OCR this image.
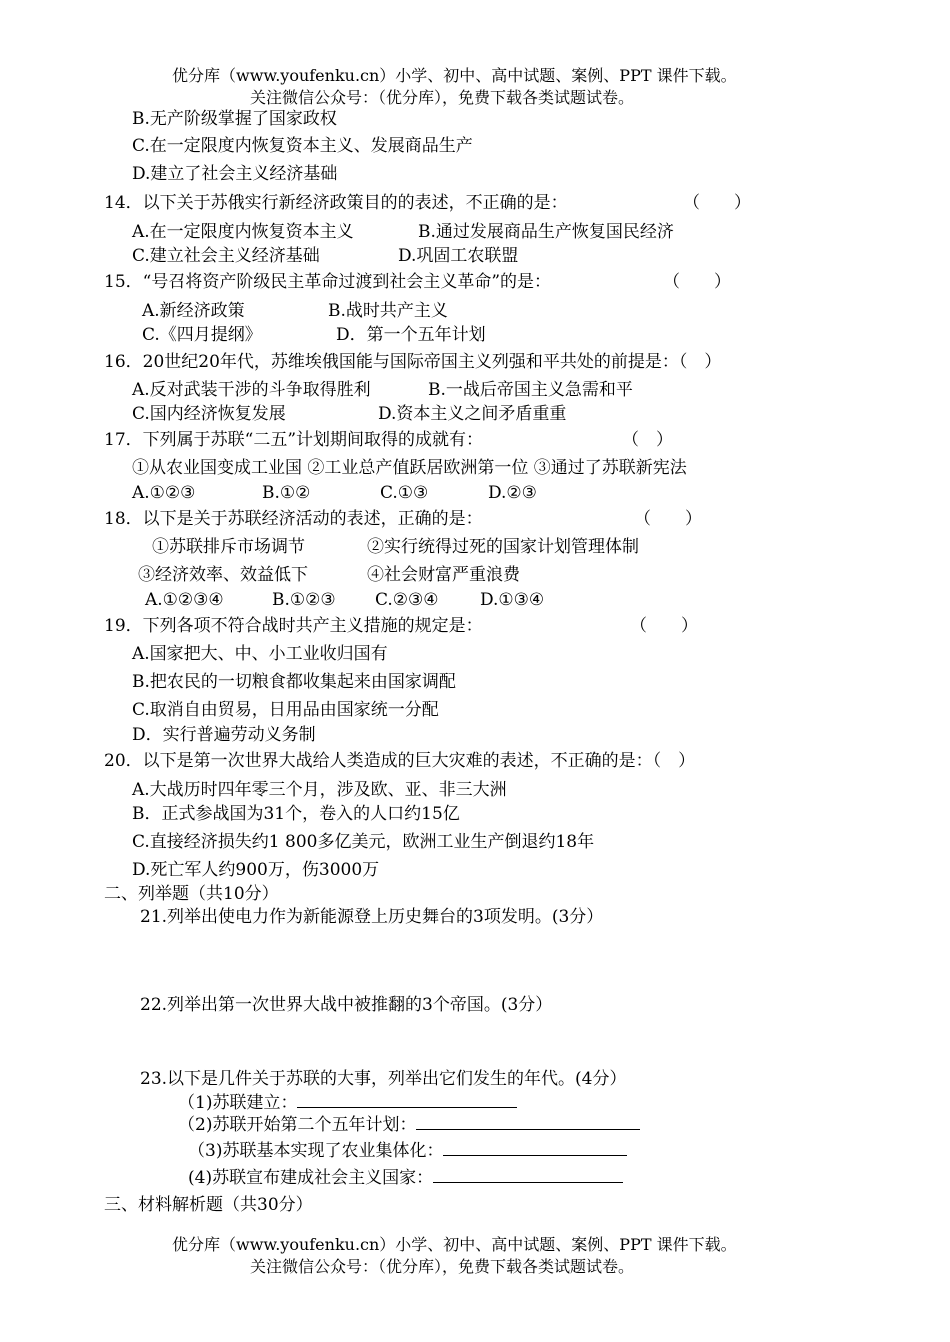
优分库（www.youfenku.cn）小学、初中、高中试题、案例、PPT 课件下载。
关注微信公众号：（优分库），免费下载各类试题试卷。
B.无产阶级掌握了国家政权
C.在一定限度内恢复资本主义、发展商品生产
D.建立了社会主义经济基础
14．以下关于苏俄实行新经济政策目的的表述，不正确的是：	（　　）
A.在一定限度内恢复资本主义	B.通过发展商品生产恢复国民经济
C.建立社会主义经济基础	D.巩固工农联盟
15．“号召将资产阶级民主革命过渡到社会主义革命”的是：	（　　）
A.新经济政策	B.战时共产主义
C.《四月提纲》	D．第一个五年计划
16．20世纪20年代，苏维埃俄国能与国际帝国主义列强和平共处的前提是：（　）
A.反对武装干涉的斗争取得胜利	B.一战后帝国主义急需和平
C.国内经济恢复发展	D.资本主义之间矛盾重重
17．下列属于苏联“二五”计划期间取得的成就有：	（　）
①从农业国变成工业国 ②工业总产值跃居欧洲第一位 ③通过了苏联新宪法
A.①②③	B.①②	C.①③	D.②③
18．以下是关于苏联经济活动的表述，正确的是：	（　　）
①苏联排斥市场调节	②实行统得过死的国家计划管理体制
③经济效率、效益低下	④社会财富严重浪费
A.①②③④	B.①②③ C.②③④ D.①③④
19．下列各项不符合战时共产主义措施的规定是：	（　　）
A.国家把大、中、小工业收归国有
B.把农民的一切粮食都收集起来由国家调配
C.取消自由贸易，日用品由国家统一分配
D．实行普遍劳动义务制
20．以下是第一次世界大战给人类造成的巨大灾难的表述，不正确的是：（　）
A.大战历时四年零三个月，涉及欧、亚、非三大洲
B．正式参战国为31个，卷入的人口约15亿
C.直接经济损失约1 800多亿美元，欧洲工业生产倒退约18年
D.死亡军人约900万，伤3000万
二、列举题（共10分）
21.列举出使电力作为新能源登上历史舞台的3项发明。(3分）
22.列举出第一次世界大战中被推翻的3个帝国。(3分）
23.以下是几件关于苏联的大事，列举出它们发生的年代。(4分）
（1)苏联建立：
（2)苏联开始第二个五年计划：
（3)苏联基本实现了农业集体化：
(4)苏联宣布建成社会主义国家：
三、材料解析题（共30分）
优分库（www.youfenku.cn）小学、初中、高中试题、案例、PPT 课件下载。
关注微信公众号：（优分库），免费下载各类试题试卷。
